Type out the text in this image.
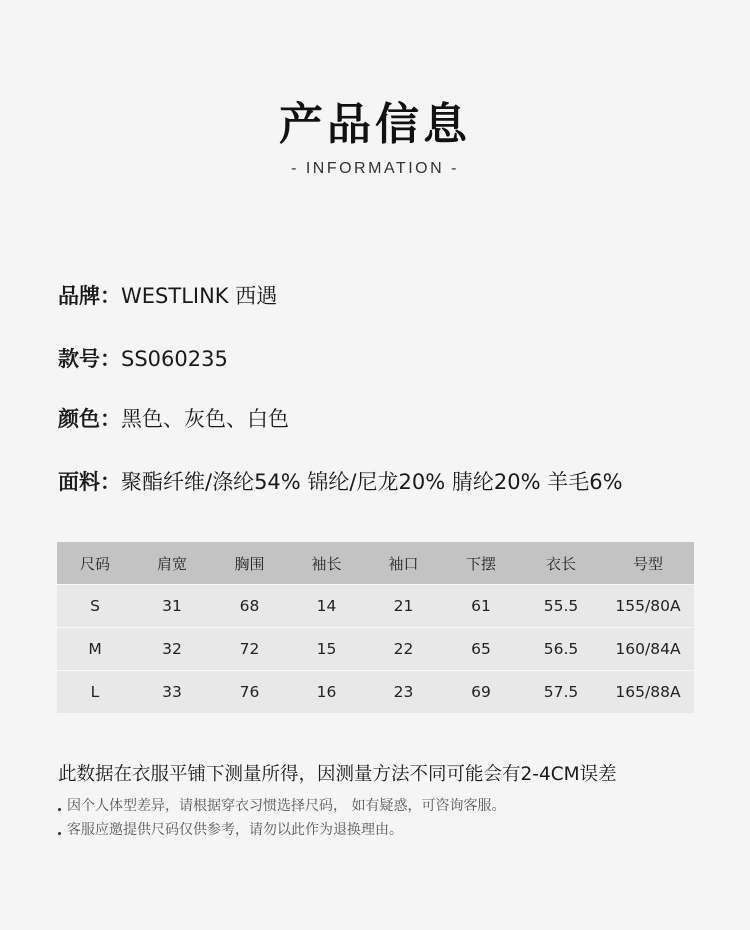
产品信息
- INFORMATION -
品牌：WESTLINK 西遇
款号：SS060235
颜色：黑色、灰色、白色
面料：聚酯纤维/涤纶54% 锦纶/尼龙20% 腈纶20% 羊毛6%
尺码	肩宽	胸围	袖长	袖口	下摆	衣长	号型
S	31	68	14	21	61	55.5	155/80A
M	32	72	15	22	65	56.5	160/84A
L	33	76	16	23	69	57.5	165/88A
此数据在衣服平铺下测量所得，因测量方法不同可能会有2-4CM误差
因个人体型差异，请根据穿衣习惯选择尺码， 如有疑惑，可咨询客服。
客服应邀提供尺码仅供参考，请勿以此作为退换理由。
